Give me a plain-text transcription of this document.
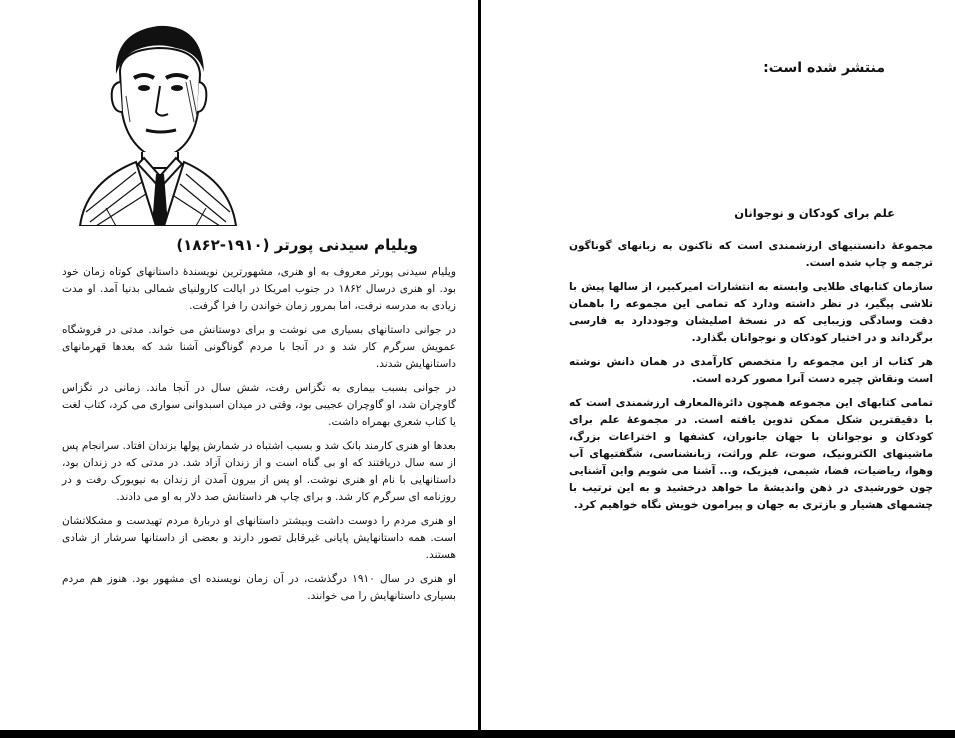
ویلیام سیدنی پورتر (۱۹۱۰-۱۸۶۲)

ویلیام سیدنی پورتر معروف به او هنری، مشهورترین نویسندهٔ داستانهای کوتاه زمان خود بود. او هنری درسال ۱۸۶۲ در جنوب امریکا در ایالت کارولنیای شمالی بدنیا آمد. او مدت زیادی به مدرسه نرفت، اما بمرور زمان خواندن را فرا گرفت.

در جوانی داستانهای بسیاری می نوشت و برای دوستانش می خواند. مدتی در فروشگاه عمویش سرگرم کار شد و در آنجا با مردم گوناگونی آشنا شد که بعدها قهرمانهای داستانهایش شدند.

در جوانی بسبب بیماری به تگزاس رفت، شش سال در آنجا ماند. زمانی در تگزاس گاوچران شد، او گاوچران عجیبی بود، وقتی در میدان اسبدوانی سواری می کرد، کتاب لغت یا کتاب شعری بهمراه داشت.

بعدها او هنری کارمند بانک شد و بسبب اشتباه در شمارش پولها بزندان افتاد. سرانجام پس از سه سال دریافتند که او بی گناه است و از زندان آزاد شد. در مدتی که در زندان بود، داستانهایی با نام او هنری نوشت. او پس از بیرون آمدن از زندان به نیویورک رفت و در روزنامه ای سرگرم کار شد. و برای چاپ هر داستانش صد دلار به او می دادند.

او هنری مردم را دوست داشت وبیشتر داستانهای او دربارهٔ مردم تهیدست و مشکلاتشان است. همه داستانهایش پایانی غیرقابل تصور دارند و بعضی از داستانها سرشار از شادی هستند.

او هنری در سال ۱۹۱۰ درگذشت، در آن زمان نویسنده ای مشهور بود. هنوز هم مردم بسیاری داستانهایش را می خوانند.

منتشر شده است:
علم برای کودکان و نوجوانان

مجموعهٔ دانستنیهای ارزشمندی است که تاکنون به زبانهای گوناگون ترجمه و چاپ شده است.

سازمان کتابهای طلایی وابسته به انتشارات امیرکبیر، از سالها پیش با تلاشی پیگیر، در نظر داشته ودارد که تمامی این مجموعه را باهمان دقت وسادگی وزیبایی که در نسخهٔ اصلیشان وجوددارد به فارسی برگرداند و در اختیار کودکان و نوجوانان بگذارد.

هر کتاب از این مجموعه را متخصص کارآمدی در همان دانش نوشته است ونقاش چیره دست آنرا مصور کرده است.

تمامی کتابهای این مجموعه همچون دائرةالمعارف ارزشمندی است که با دقیقترین شکل ممکن تدوین یافته است. در مجموعهٔ علم برای کودکان و نوجوانان با جهان جانوران، کشفها و اختراعات بزرگ، ماشینهای الکترونیک، صوت، علم وراثت، زبانشناسی، شگفتیهای آب وهوا، ریاضیات، فضا، شیمی، فیزیک، و... آشنا می شویم واین آشنایی چون خورشیدی در ذهن واندیشهٔ ما خواهد درخشید و به این ترتیب با چشمهای هشیار و بازتری به جهان و پیرامون خویش نگاه خواهیم کرد.
